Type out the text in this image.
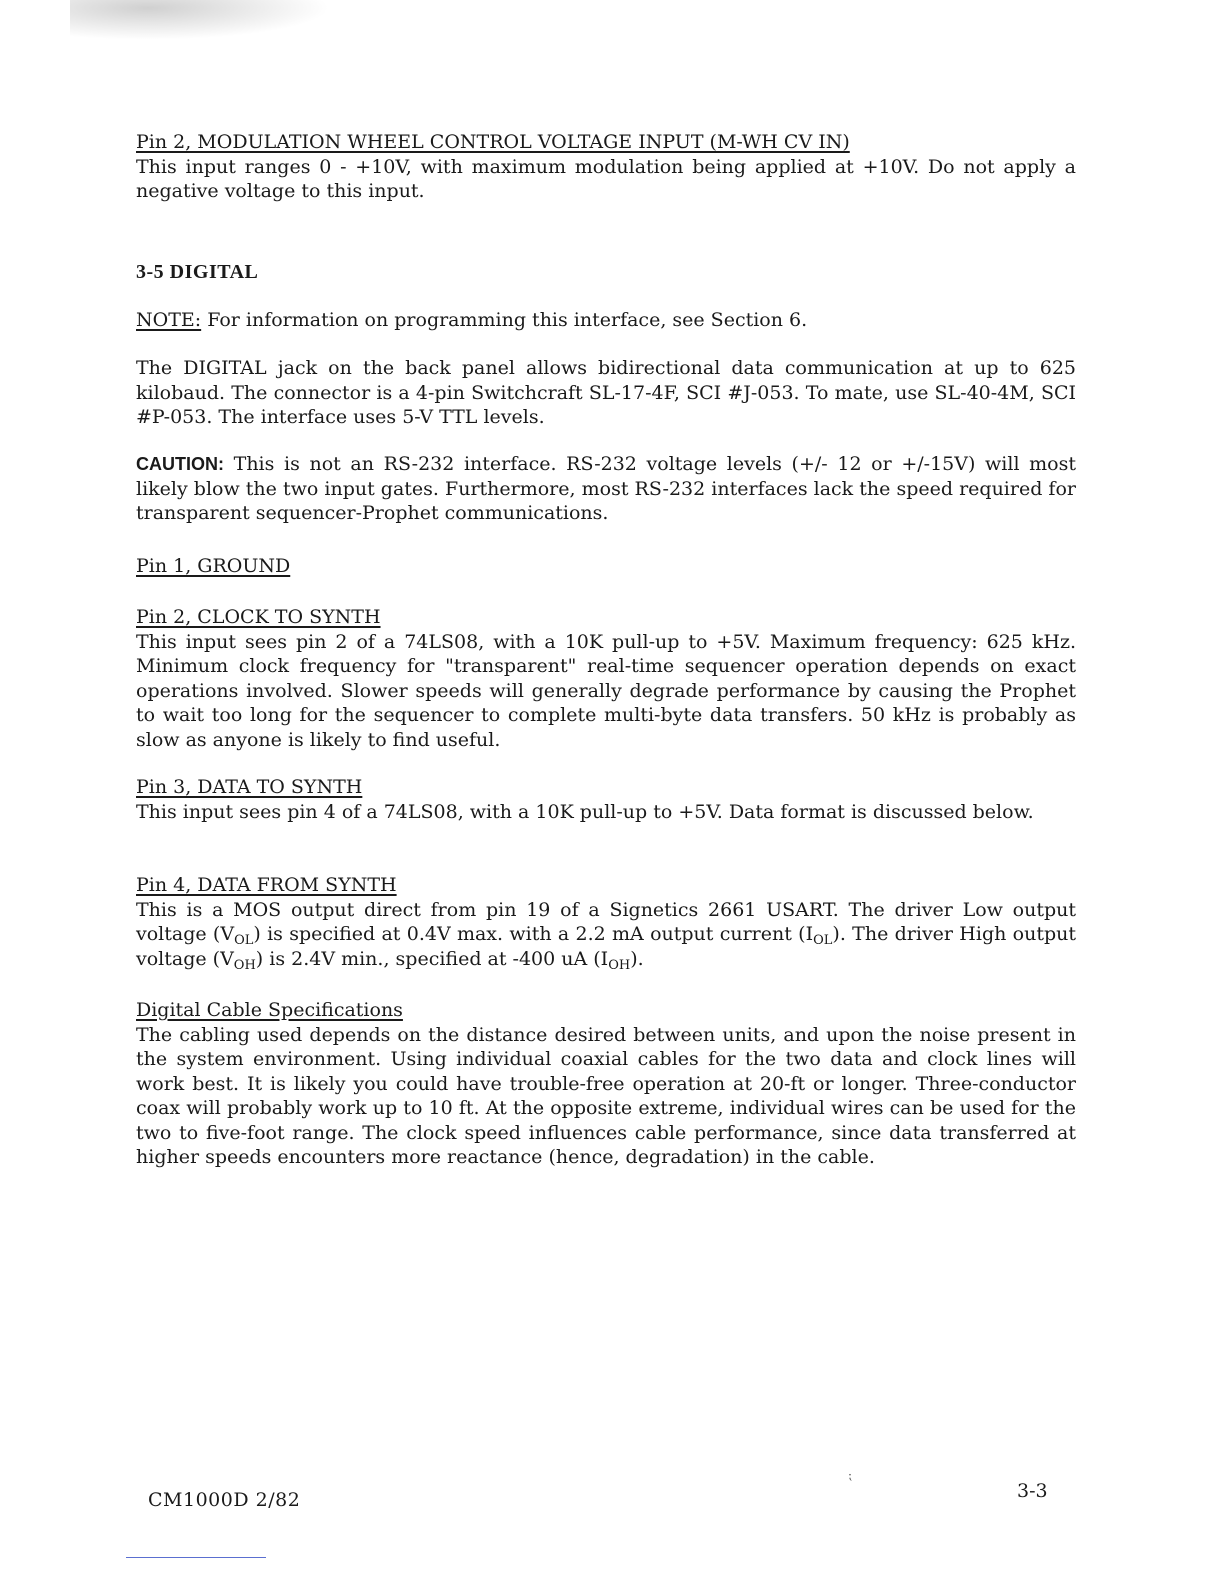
Pin 2, MODULATION WHEEL CONTROL VOLTAGE INPUT (M-WH CV IN)
This input ranges 0 - +10V, with maximum modulation being applied at +10V. Do not apply a negative voltage to this input.
3-5 DIGITAL
NOTE: For information on programming this interface, see Section 6.
The DIGITAL jack on the back panel allows bidirectional data communication at up to 625 kilobaud. The connector is a 4-pin Switchcraft SL-17-4F, SCI #J-053. To mate, use SL-40-4M, SCI #P-053. The interface uses 5-V TTL levels.
CAUTION: This is not an RS-232 interface. RS-232 voltage levels (+/- 12 or +/-15V) will most likely blow the two input gates. Furthermore, most RS-232 interfaces lack the speed required for transparent sequencer-Prophet communications.
Pin 1, GROUND
Pin 2, CLOCK TO SYNTH
This input sees pin 2 of a 74LS08, with a 10K pull-up to +5V. Maximum frequency: 625 kHz. Minimum clock frequency for "transparent" real-time sequencer operation depends on exact operations involved. Slower speeds will generally degrade performance by causing the Prophet to wait too long for the sequencer to complete multi-byte data transfers. 50 kHz is probably as slow as anyone is likely to find useful.
Pin 3, DATA TO SYNTH
This input sees pin 4 of a 74LS08, with a 10K pull-up to +5V. Data format is discussed below.
Pin 4, DATA FROM SYNTH
This is a MOS output direct from pin 19 of a Signetics 2661 USART. The driver Low output voltage $(V_{OL})$ is specified at 0.4V max. with a 2.2 mA output current $(I_{OL})$. The driver High output voltage $(V_{OH})$ is 2.4V min., specified at -400 uA $(I_{OH})$.
Digital Cable Specifications
The cabling used depends on the distance desired between units, and upon the noise present in the system environment. Using individual coaxial cables for the two data and clock lines will work best. It is likely you could have trouble-free operation at 20-ft or longer. Three-conductor coax will probably work up to 10 ft. At the opposite extreme, individual wires can be used for the two to five-foot range. The clock speed influences cable performance, since data transferred at higher speeds encounters more reactance (hence, degradation) in the cable.
⁏
CM1000D 2/82	3-3
